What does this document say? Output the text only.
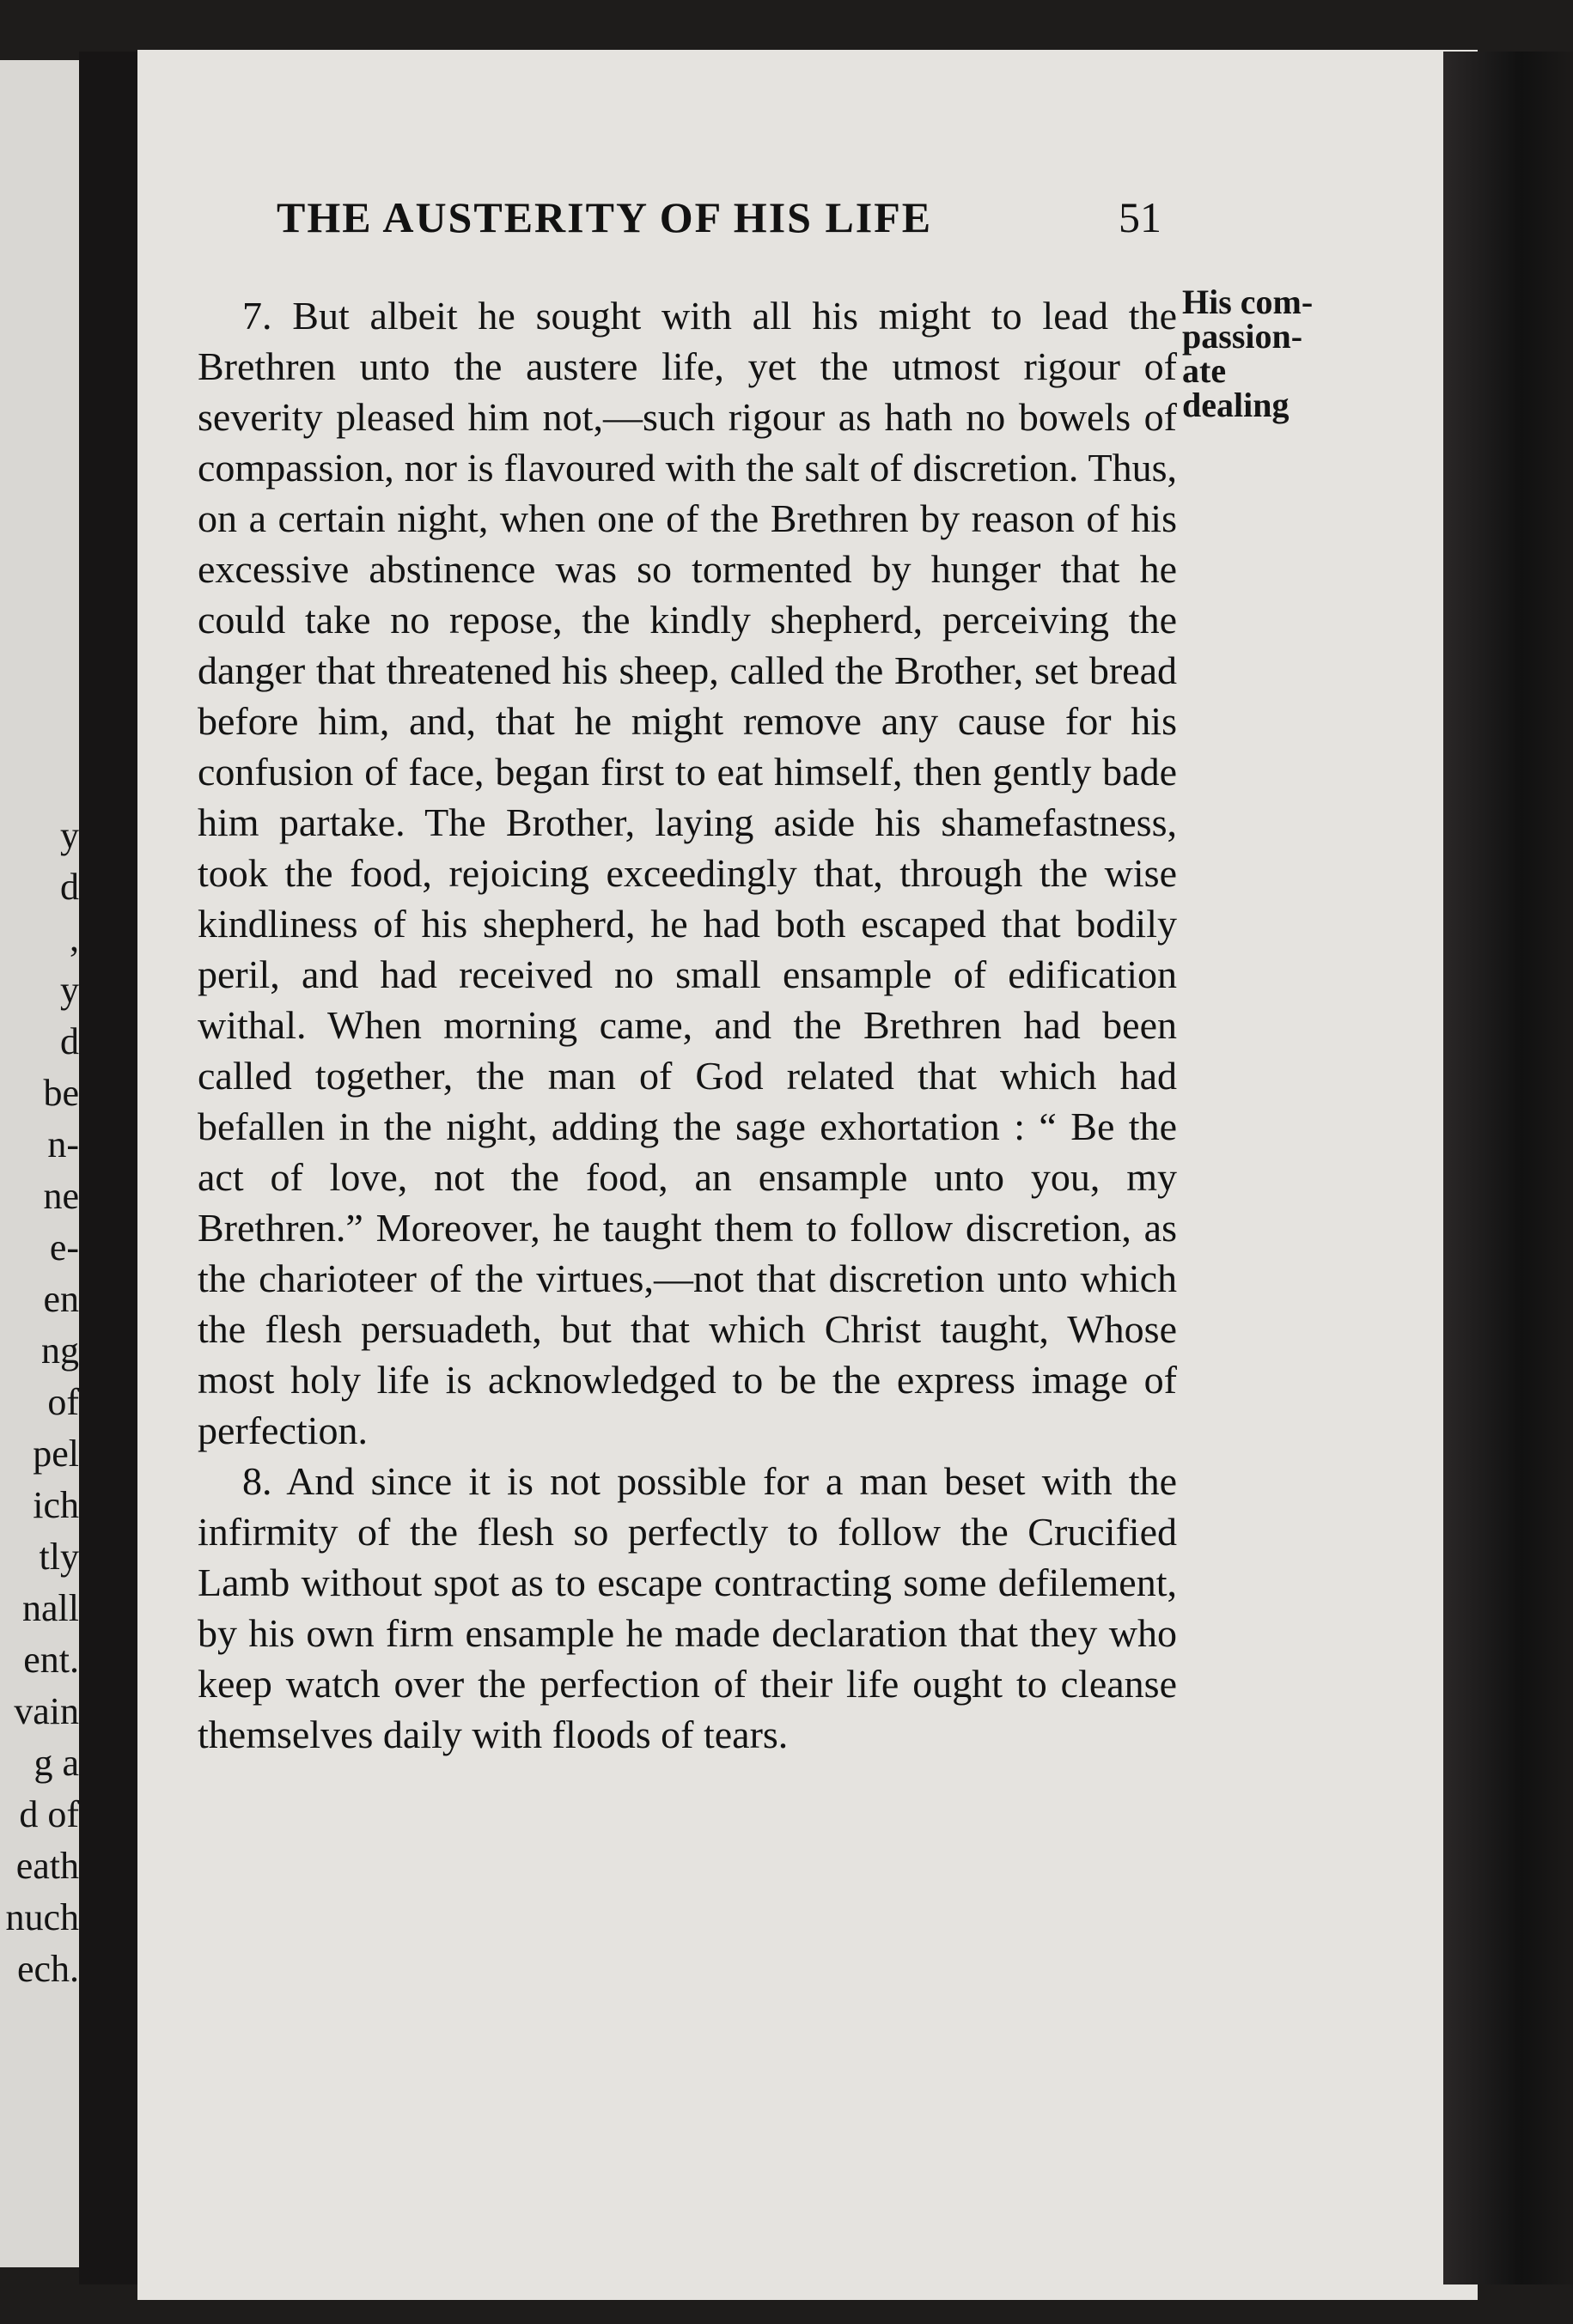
y
d
,
y
d
be
n-
ne
e-
en
ng
of
pel
ich
tly
nall
ent.
vain
g a
d of
eath
nuch
ech.
THE AUSTERITY OF HIS LIFE	51
His com-
passion-
ate
dealing

7. But albeit he sought with all his might to lead the Brethren unto the austere life, yet the utmost rigour of severity pleased him not,—such rigour as hath no bowels of compassion, nor is flavoured with the salt of discretion. Thus, on a certain night, when one of the Brethren by reason of his excessive abstinence was so tormented by hunger that he could take no repose, the kindly shepherd, perceiving the danger that threatened his sheep, called the Brother, set bread before him, and, that he might remove any cause for his confusion of face, began first to eat himself, then gently bade him partake. The Brother, laying aside his shamefastness, took the food, rejoicing exceedingly that, through the wise kindliness of his shepherd, he had both escaped that bodily peril, and had received no small ensample of edification withal. When morning came, and the Brethren had been called together, the man of God related that which had befallen in the night, adding the sage exhortation : “ Be the act of love, not the food, an ensample unto you, my Brethren.” Moreover, he taught them to follow discretion, as the charioteer of the virtues,—not that discretion unto which the flesh persuadeth, but that which Christ taught, Whose most holy life is acknowledged to be the express image of perfection.

8. And since it is not possible for a man beset with the infirmity of the flesh so perfectly to follow the Crucified Lamb without spot as to escape contracting some defilement, by his own firm ensample he made declaration that they who keep watch over the perfection of their life ought to cleanse themselves daily with floods of tears.
